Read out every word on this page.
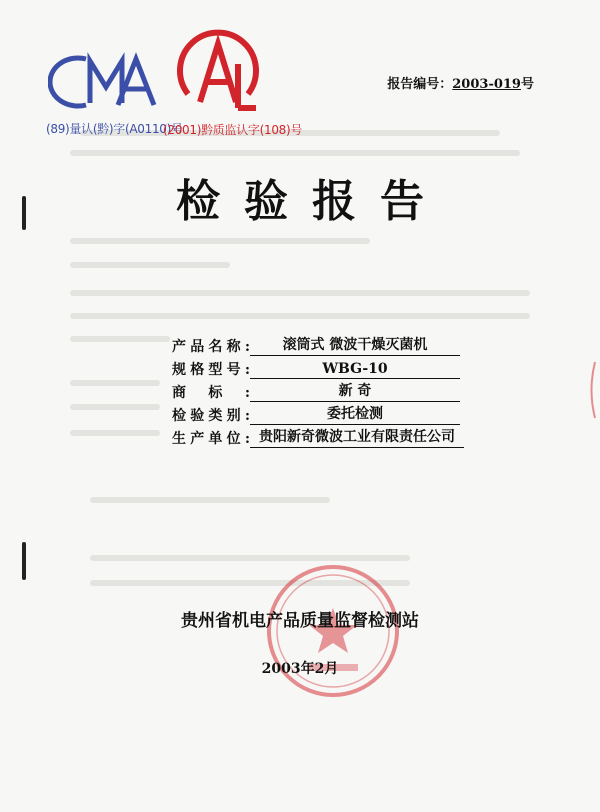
(89)量认(黔)字(A0110)号
(2001)黔质监认字(108)号
报告编号：2003-019号
检验报告
产品名称:	滚筒式 微波干燥灭菌机
规格型号:	WBG-10
商标:	新 奇
检验类别:	委托检测
生产单位: 贵阳新奇微波工业有限责任公司
贵州省机电产品质量监督检测站
2003年2月
